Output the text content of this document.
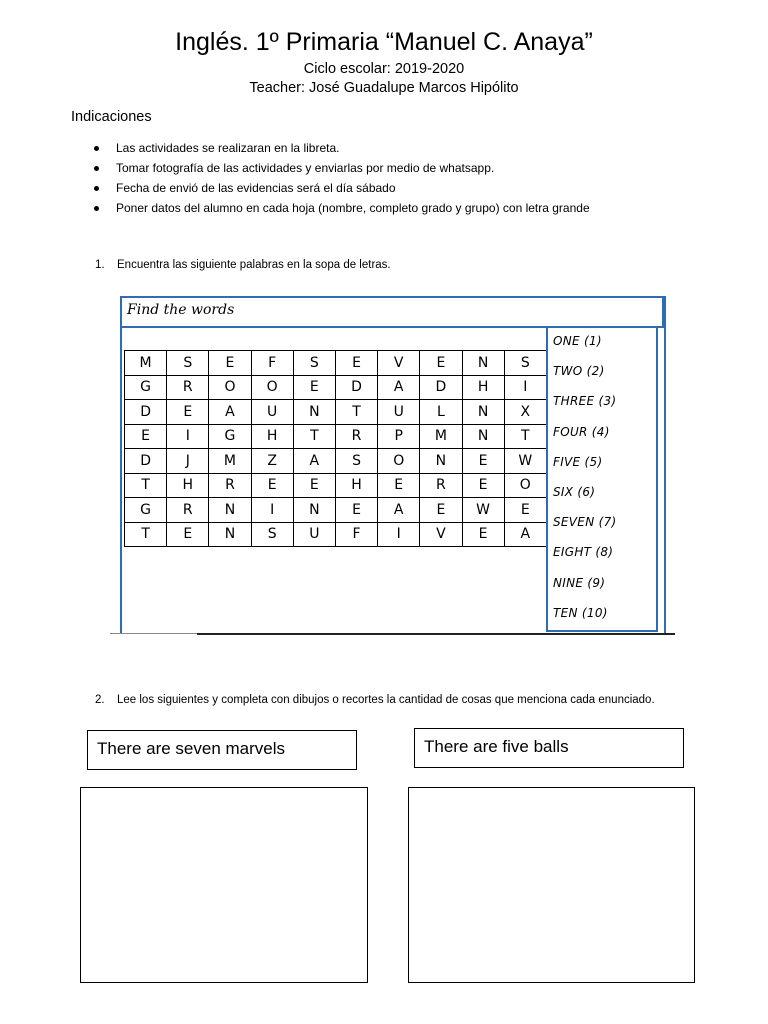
Inglés. 1º Primaria “Manuel C. Anaya”
Ciclo escolar: 2019-2020
Teacher: José Guadalupe Marcos Hipólito
Indicaciones
Las actividades se realizaran en la libreta.
Tomar fotografía de las actividades y enviarlas por medio de whatsapp.
Fecha de envió de las evidencias será el día sábado
Poner datos del alumno en cada hoja (nombre, completo grado y grupo) con letra grande
1. Encuentra las siguiente palabras en la sopa de letras.
Find the words
M	S	E	F	S	E	V	E	N	S
G	R	O	O	E	D	A	D	H	I
D	E	A	U	N	T	U	L	N	X
E	I	G	H	T	R	P	M	N	T
D	J	M	Z	A	S	O	N	E	W
T	H	R	E	E	H	E	R	E	O
G	R	N	I	N	E	A	E	W	E
T	E	N	S	U	F	I	V	E	A
ONE (1)
TWO (2)
THREE (3)
FOUR (4)
FIVE (5)
SIX (6)
SEVEN (7)
EIGHT (8)
NINE (9)
TEN (10)
2. Lee los siguientes y completa con dibujos o recortes la cantidad de cosas que menciona cada enunciado.
There are seven marvels	There are five balls
